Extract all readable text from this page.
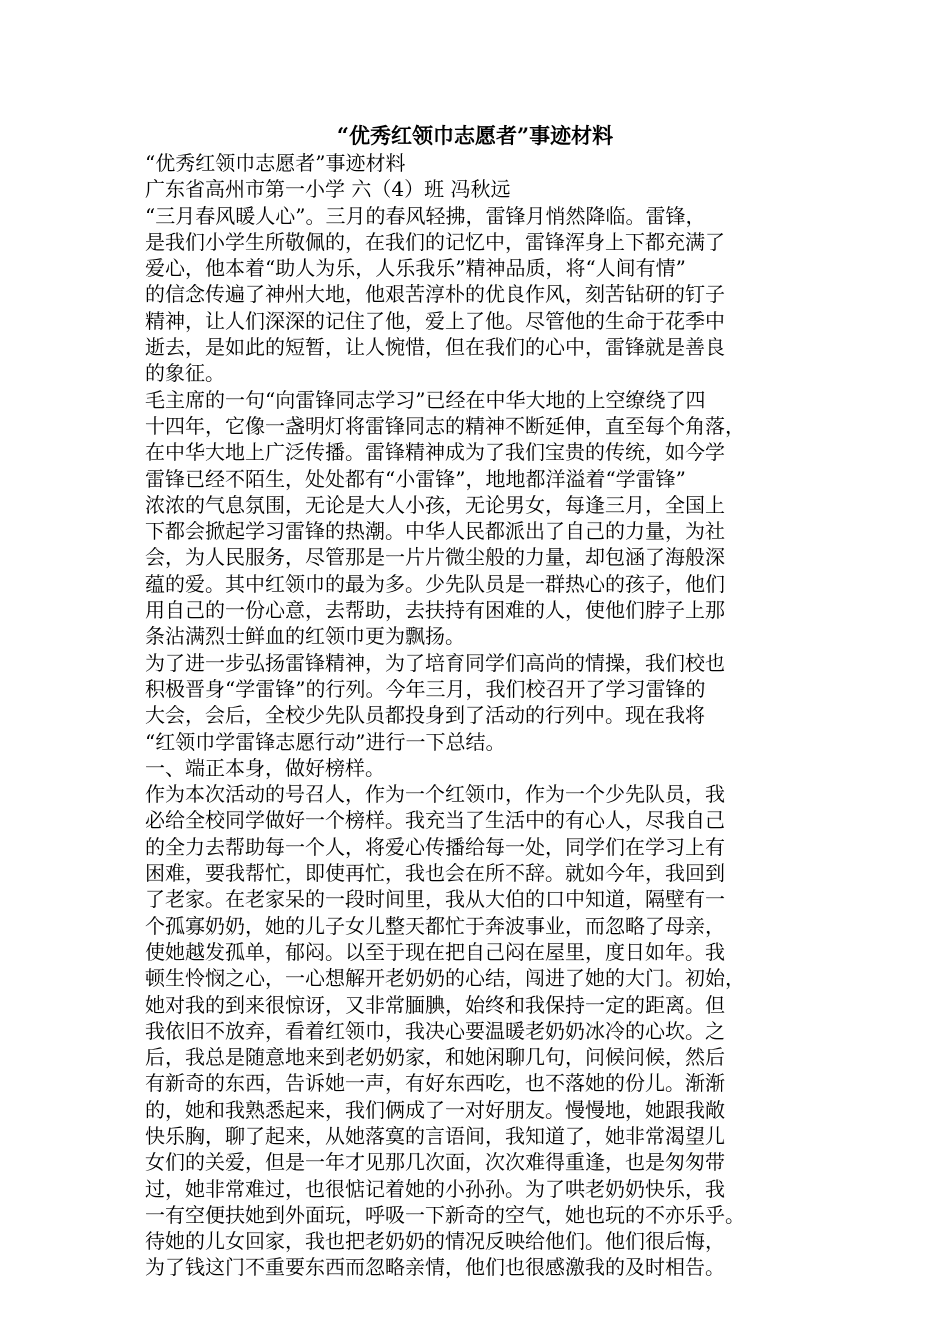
“优秀红领巾志愿者”事迹材料

“优秀红领巾志愿者”事迹材料

广东省高州市第一小学 六（4）班 冯秋远

“三月春风暖人心”。三月的春风轻拂，雷锋月悄然降临。雷锋，

是我们小学生所敬佩的，在我们的记忆中，雷锋浑身上下都充满了

爱心，他本着“助人为乐，人乐我乐”精神品质，将“人间有情”

的信念传遍了神州大地，他艰苦淳朴的优良作风，刻苦钻研的钉子

精神，让人们深深的记住了他，爱上了他。尽管他的生命于花季中

逝去，是如此的短暂，让人惋惜，但在我们的心中，雷锋就是善良

的象征。

毛主席的一句“向雷锋同志学习”已经在中华大地的上空缭绕了四

十四年，它像一盏明灯将雷锋同志的精神不断延伸，直至每个角落，

在中华大地上广泛传播。雷锋精神成为了我们宝贵的传统，如今学

雷锋已经不陌生，处处都有“小雷锋”，地地都洋溢着“学雷锋”

浓浓的气息氛围，无论是大人小孩，无论男女，每逢三月，全国上

下都会掀起学习雷锋的热潮。中华人民都派出了自己的力量，为社

会，为人民服务，尽管那是一片片微尘般的力量，却包涵了海般深

蕴的爱。其中红领巾的最为多。少先队员是一群热心的孩子，他们

用自己的一份心意，去帮助，去扶持有困难的人，使他们脖子上那

条沾满烈士鲜血的红领巾更为飘扬。

为了进一步弘扬雷锋精神，为了培育同学们高尚的情操，我们校也

积极晋身“学雷锋”的行列。今年三月，我们校召开了学习雷锋的

大会，会后，全校少先队员都投身到了活动的行列中。现在我将

“红领巾学雷锋志愿行动”进行一下总结。

一、端正本身，做好榜样。

作为本次活动的号召人，作为一个红领巾，作为一个少先队员，我

必给全校同学做好一个榜样。我充当了生活中的有心人，尽我自己

的全力去帮助每一个人，将爱心传播给每一处，同学们在学习上有

困难，要我帮忙，即使再忙，我也会在所不辞。就如今年，我回到

了老家。在老家呆的一段时间里，我从大伯的口中知道，隔壁有一

个孤寡奶奶，她的儿子女儿整天都忙于奔波事业，而忽略了母亲，

使她越发孤单，郁闷。以至于现在把自己闷在屋里，度日如年。我

顿生怜悯之心，一心想解开老奶奶的心结，闯进了她的大门。初始，

她对我的到来很惊讶，又非常腼腆，始终和我保持一定的距离。但

我依旧不放弃，看着红领巾，我决心要温暖老奶奶冰冷的心坎。之

后，我总是随意地来到老奶奶家，和她闲聊几句，问候问候，然后

有新奇的东西，告诉她一声，有好东西吃，也不落她的份儿。渐渐

的，她和我熟悉起来，我们俩成了一对好朋友。慢慢地，她跟我敞

快乐胸，聊了起来，从她落寞的言语间，我知道了，她非常渴望儿

女们的关爱，但是一年才见那几次面，次次难得重逢，也是匆匆带

过，她非常难过，也很惦记着她的小孙孙。为了哄老奶奶快乐，我

一有空便扶她到外面玩，呼吸一下新奇的空气，她也玩的不亦乐乎。

待她的儿女回家，我也把老奶奶的情况反映给他们。他们很后悔，

为了钱这门不重要东西而忽略亲情，他们也很感激我的及时相告。
